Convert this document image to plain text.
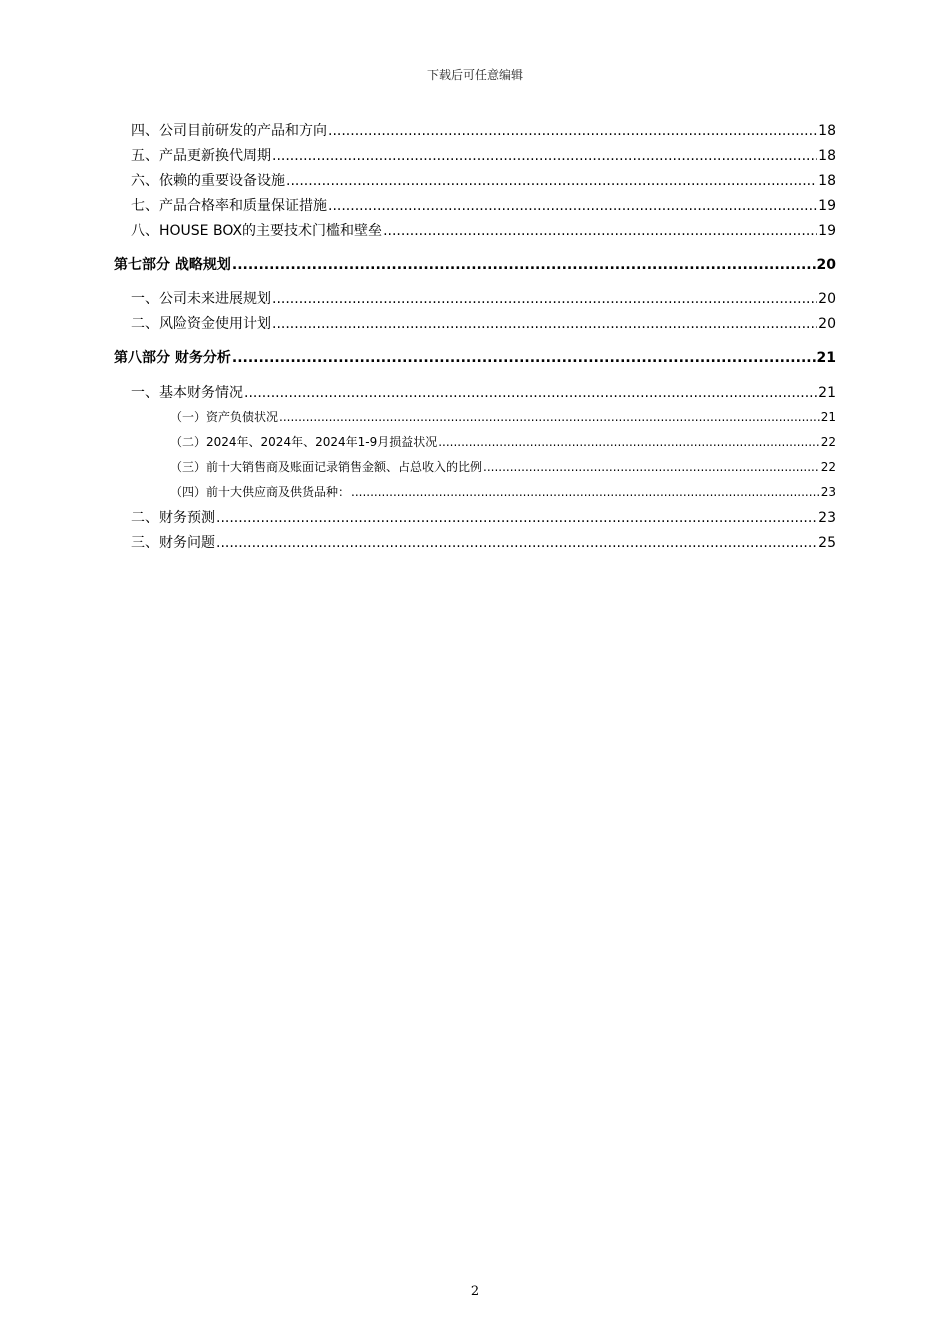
下载后可任意编辑
四、公司目前研发的产品和方向 .....	18
五、产品更新换代周期 .....	18
六、依赖的重要设备设施 .....	18
七、产品合格率和质量保证措施 .....	19
八、HOUSE BOX的主要技术门槛和壁垒 .....	19
第七部分 战略规划 .....	20
一、公司未来进展规划 .....	20
二、风险资金使用计划 .....	20
第八部分 财务分析 .....	21
一、基本财务情况 .....	21
（一）资产负债状况 .....	21
（二）2024年、2024年、2024年1-9月损益状况 .....	22
（三）前十大销售商及账面记录销售金额、占总收入的比例 .....	22
（四）前十大供应商及供货品种： .....	23
二、财务预测 .....	23
三、财务问题 .....	25
2
